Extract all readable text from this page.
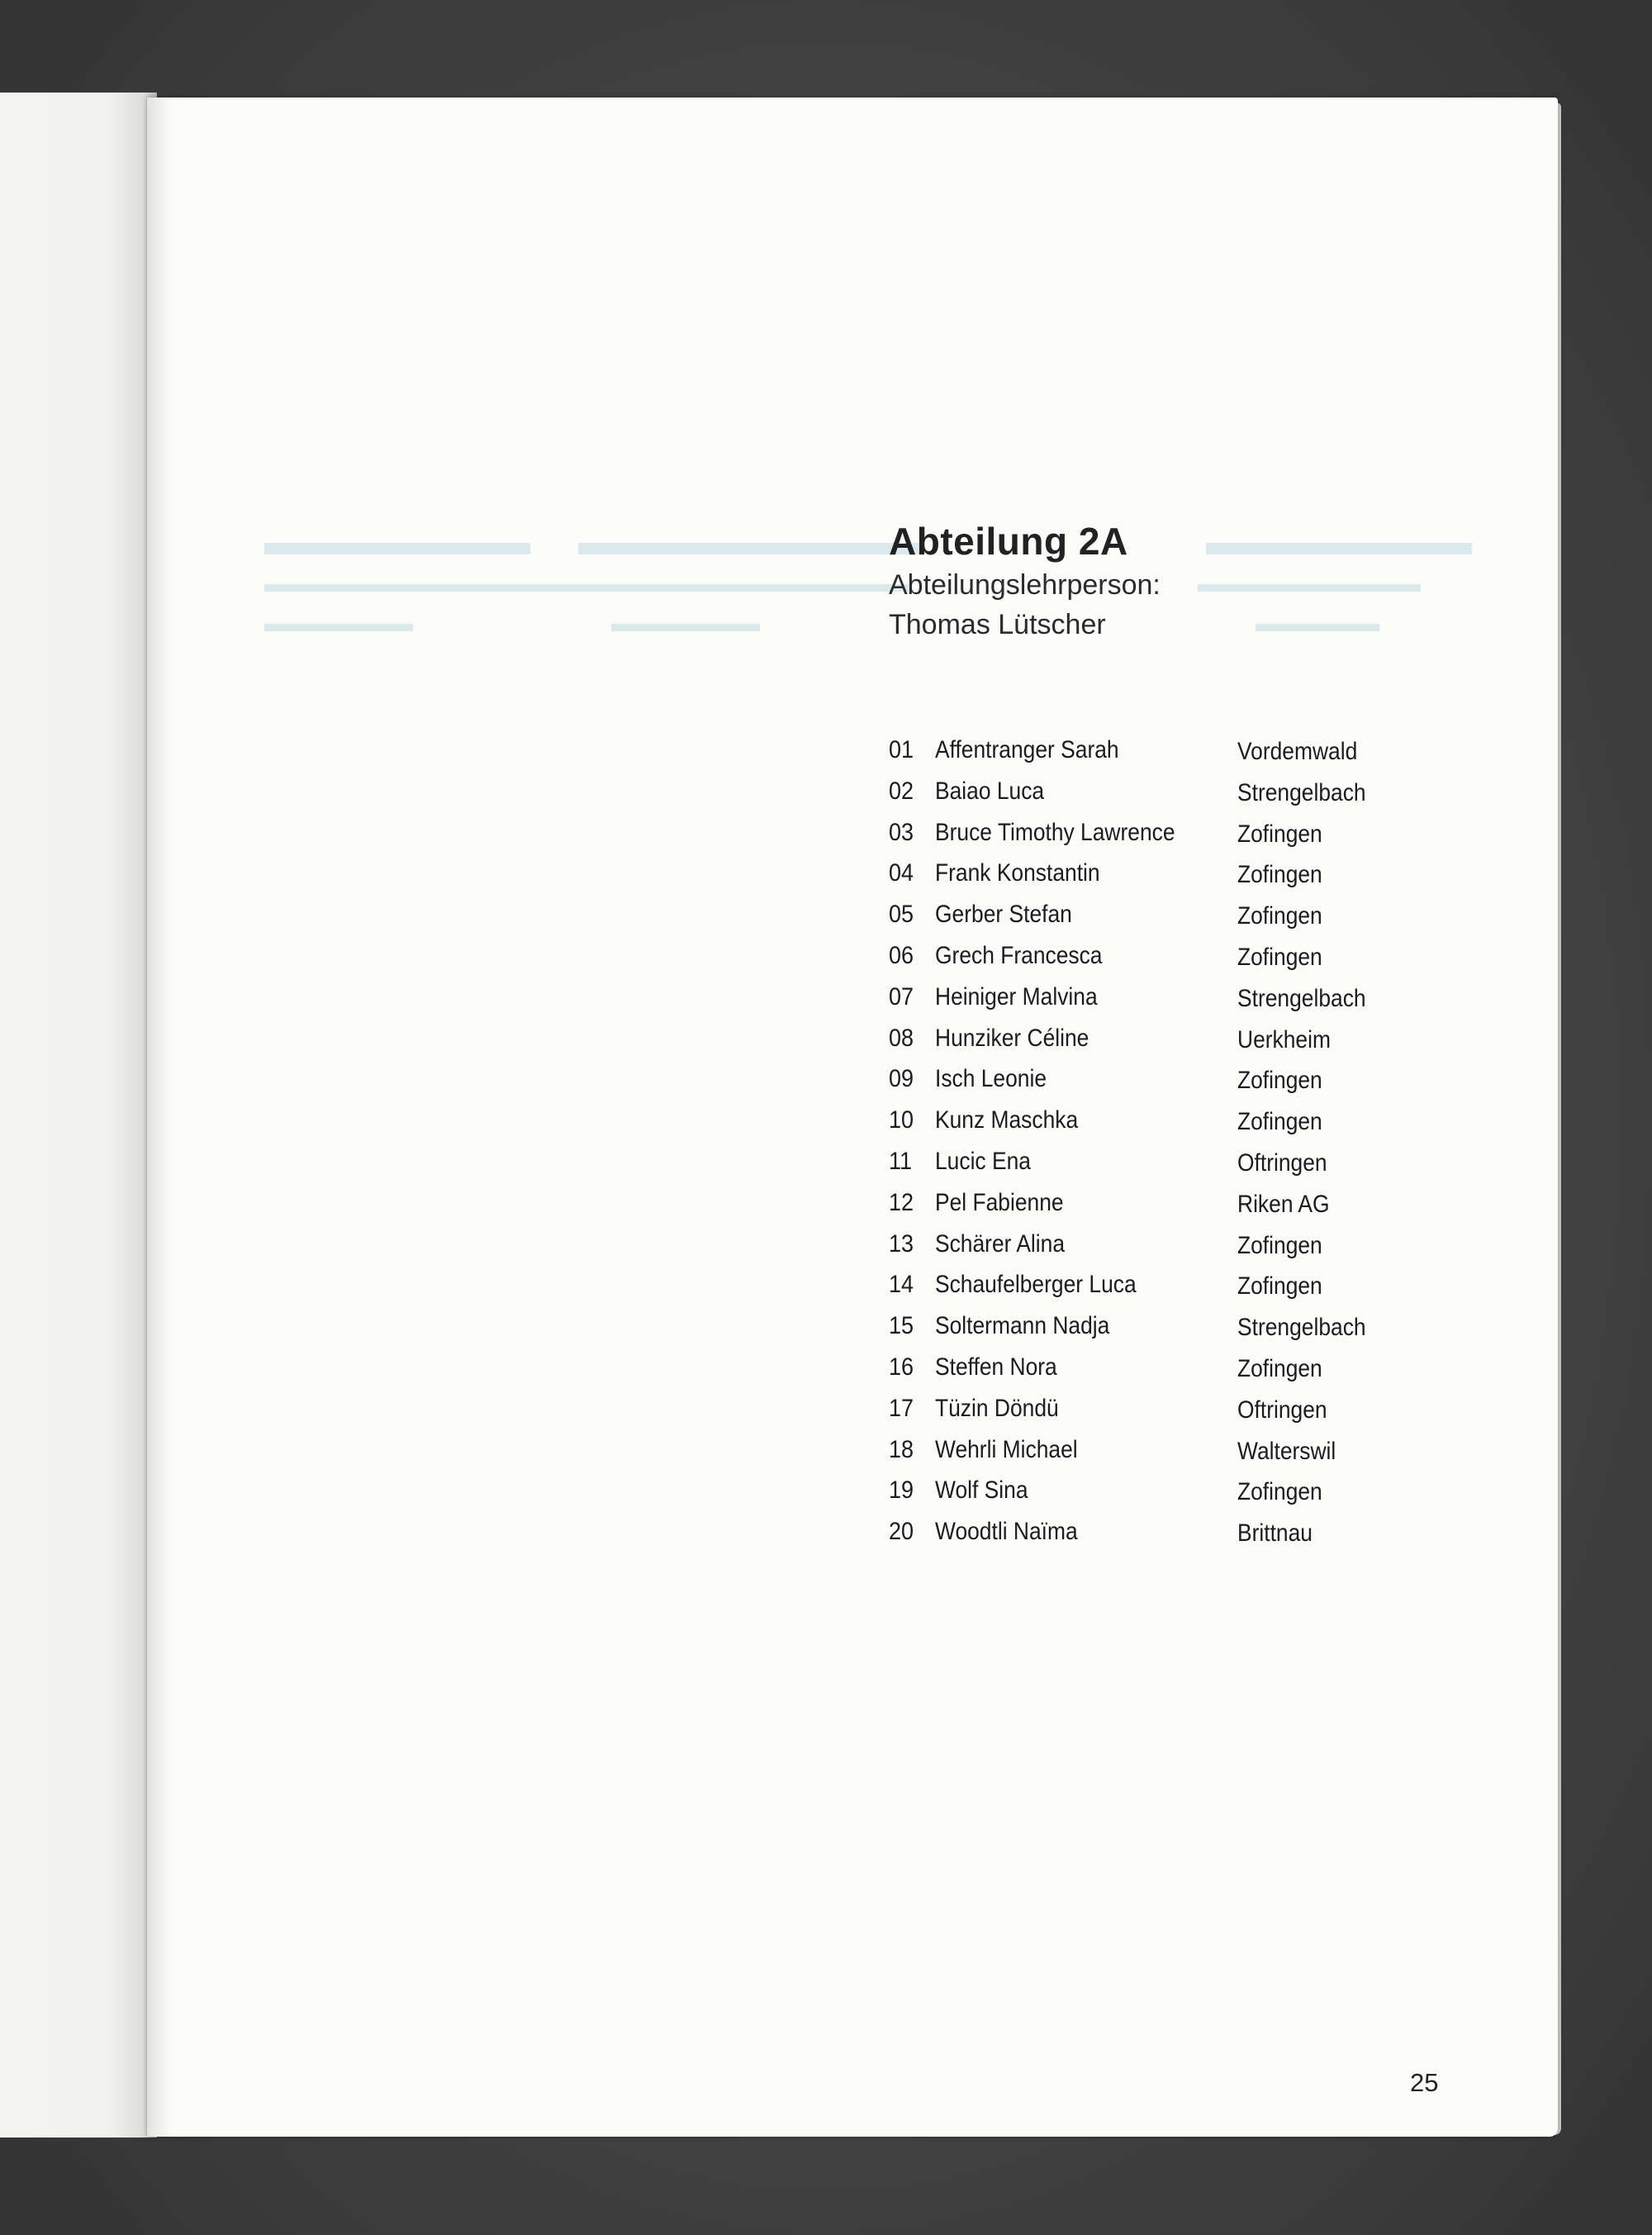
▬▬▬▬▬▬▬ ▬▬▬▬▬▬▬▬▬	▬▬▬▬▬▬▬
▬▬▬▬▬▬▬▬▬▬▬▬▬▬▬▬
▬▬▬▬▬▬▬▬▬▬▬▬	▬▬▬▬▬▬▬▬▬
▬▬▬▬▬▬	▬▬▬▬▬▬	▬▬▬▬▬
Abteilung 2A
Abteilungslehrperson:
Thomas Lütscher
01 Affentranger Sarah	Vordemwald
02 Baiao Luca	Strengelbach
03 Bruce Timothy Lawrence	Zofingen
04 Frank Konstantin	Zofingen
05 Gerber Stefan	Zofingen
06 Grech Francesca	Zofingen
07 Heiniger Malvina	Strengelbach
08 Hunziker Céline	Uerkheim
09 Isch Leonie	Zofingen
10 Kunz Maschka	Zofingen
11 Lucic Ena	Oftringen
12 Pel Fabienne	Riken AG
13 Schärer Alina	Zofingen
14 Schaufelberger Luca	Zofingen
15 Soltermann Nadja	Strengelbach
16 Steffen Nora	Zofingen
17 Tüzin Döndü	Oftringen
18 Wehrli Michael	Walterswil
19 Wolf Sina	Zofingen
20 Woodtli Naïma	Brittnau
25
